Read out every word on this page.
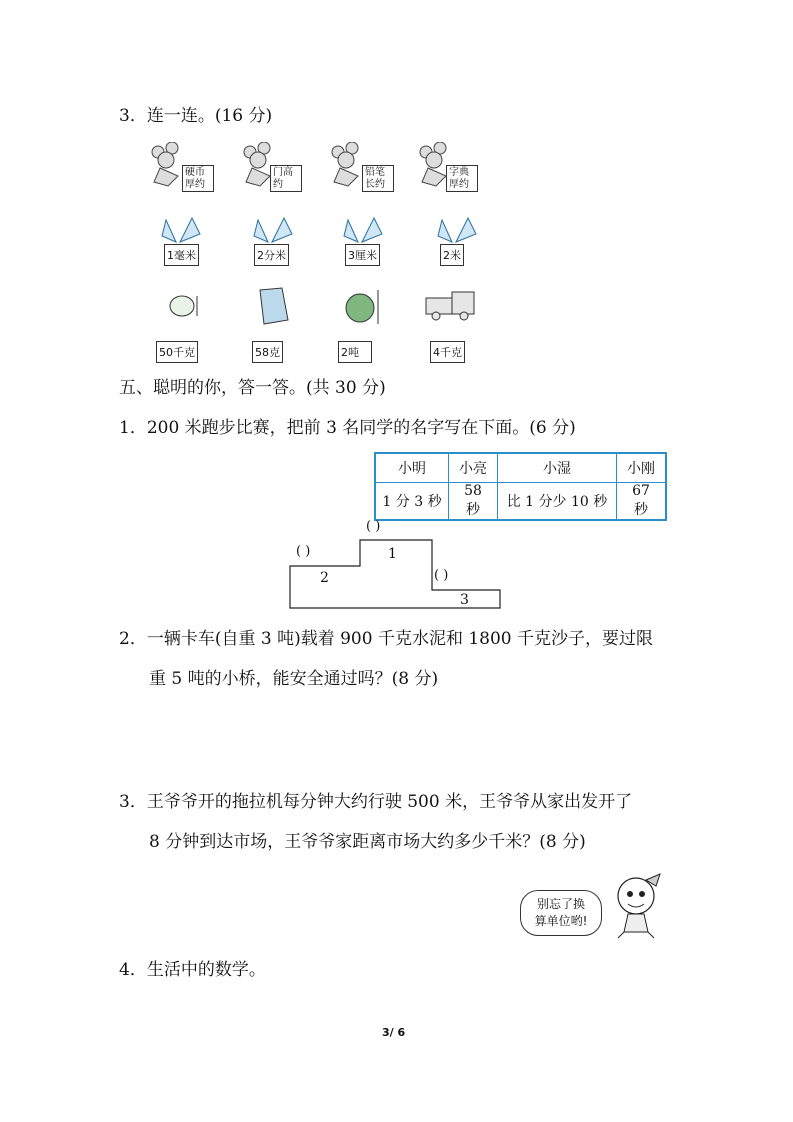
3．连一连。(16 分)
硬币厚约
门高约
铅笔长约
字典厚约
1毫米	2分米	3厘米	2米
50千克	58克	2吨	4千克
五、聪明的你，答一答。(共 30 分)
1．200 米跑步比赛，把前 3 名同学的名字写在下面。(6 分)
小明	小亮	小湿	小刚
1 分 3 秒	58 秒	比 1 分少 10 秒	67 秒
( )
( )
( )
1
2
3
2．一辆卡车(自重 3 吨)载着 900 千克水泥和 1800 千克沙子，要过限
重 5 吨的小桥，能安全通过吗？(8 分)
3．王爷爷开的拖拉机每分钟大约行驶 500 米，王爷爷从家出发开了
8 分钟到达市场，王爷爷家距离市场大约多少千米？(8 分)
别忘了换
算单位哟!
4．生活中的数学。
3/ 6
